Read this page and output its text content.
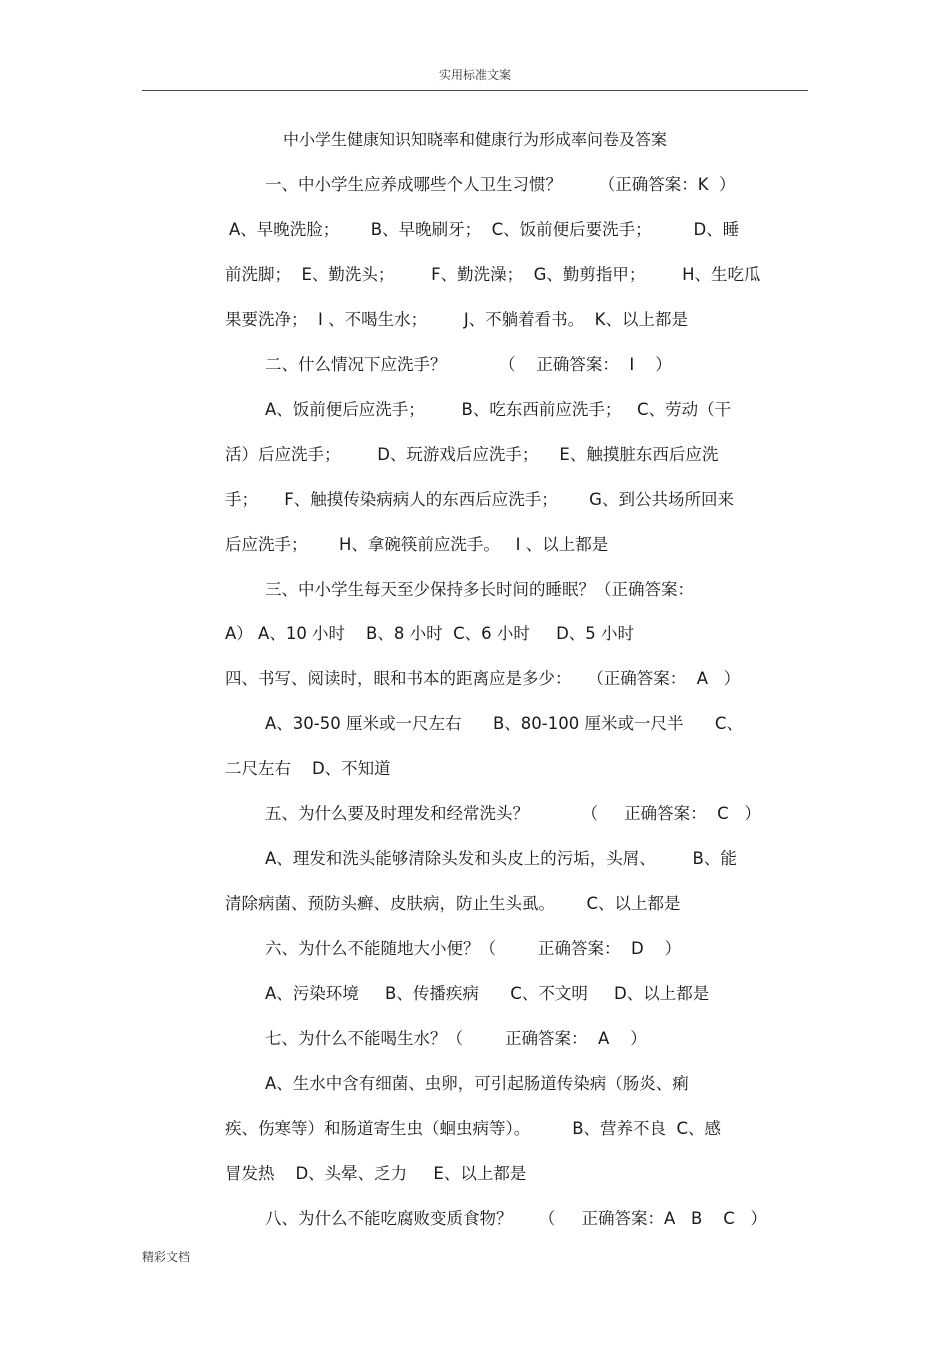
实用标准文案
中小学生健康知识知晓率和健康行为形成率问卷及答案
一、中小学生应养成哪些个人卫生习惯？       （正确答案：K  ）
A、早晚洗脸；      B、早晚刷牙；  C、饭前便后要洗手；        D、睡
前洗脚；  E、勤洗头；       F、勤洗澡；  G、勤剪指甲；       H、生吃瓜
果要洗净；  I 、不喝生水；       J、不躺着看书。  K、以上都是
二、什么情况下应洗手？          （    正确答案：  I    ）
A、饭前便后应洗手；       B、吃东西前应洗手；   C、劳动（干
活）后应洗手；       D、玩游戏后应洗手；    E、触摸脏东西后应洗
手；     F、触摸传染病病人的东西后应洗手；      G、到公共场所回来
后应洗手；      H、拿碗筷前应洗手。   I 、以上都是
三、中小学生每天至少保持多长时间的睡眠？（正确答案：
A） A、10 小时    B、8 小时  C、6 小时     D、5 小时
四、书写、阅读时，眼和书本的距离应是多少：   （正确答案：  A   ）
A、30-50 厘米或一尺左右      B、80-100 厘米或一尺半      C、
二尺左右    D、不知道
五、为什么要及时理发和经常洗头？          （     正确答案：  C   ）
A、理发和洗头能够清除头发和头皮上的污垢，头屑、       B、能
清除病菌、预防头癣、皮肤病，防止生头虱。      C、以上都是
六、为什么不能随地大小便？（        正确答案：  D    ）
A、污染环境     B、传播疾病      C、不文明     D、以上都是
七、为什么不能喝生水？（        正确答案：  A    ）
A、生水中含有细菌、虫卵，可引起肠道传染病（肠炎、痢
疾、伤寒等）和肠道寄生虫（蛔虫病等）。        B、营养不良  C、感
冒发热    D、头晕、乏力     E、以上都是
八、为什么不能吃腐败变质食物？     （     正确答案：A   B    C   ）
精彩文档
